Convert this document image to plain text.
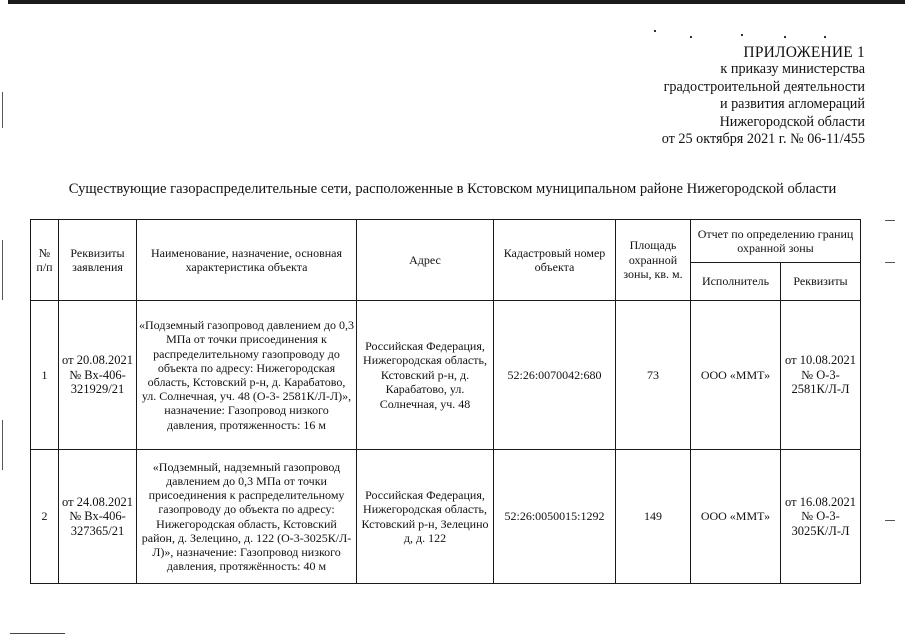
ПРИЛОЖЕНИЕ 1
к приказу министерства
градостроительной деятельности
и развития агломераций
Нижегородской области
от 25 октября 2021 г. № 06-11/455
Существующие газораспределительные сети, расположенные в Кстовском муниципальном районе Нижегородской области
№ п/п	Реквизиты заявления	Наименование, назначение, основная характеристика объекта	Адрес	Кадастровый номер объекта	Площадь охранной зоны, кв. м.	Отчет по определению границ охранной зоны	
						Исполнитель	Реквизиты
1	от 20.08.2021 № Вх-406-321929/21	«Подземный газопровод давлением до 0,3 МПа от точки присоединения к распределительному газопроводу до объекта по адресу: Нижегородская область, Кстовский р-н, д. Карабатово, ул. Солнечная, уч. 48 (О-3- 2581К/Л-Л)», назначение: Газопровод низкого давления, протяженность: 16 м	Российская Федерация, Нижегородская область, Кстовский р-н, д. Карабатово, ул. Солнечная, уч. 48	52:26:0070042:680	73	ООО «ММТ»	от 10.08.2021 № О-3-2581К/Л-Л
2	от 24.08.2021 № Вх-406-327365/21	«Подземный, надземный газопровод давлением до 0,3 МПа от точки присоединения к распределительному газопроводу до объекта по адресу: Нижегородская область, Кстовский район, д. Зелецино, д. 122 (О-3-3025К/Л-Л)», назначение: Газопровод низкого давления, протяжённость: 40 м	Российская Федерация, Нижегородская область, Кстовский р-н, Зелецино д, д. 122	52:26:0050015:1292	149	ООО «ММТ»	от 16.08.2021 № О-3-3025К/Л-Л
